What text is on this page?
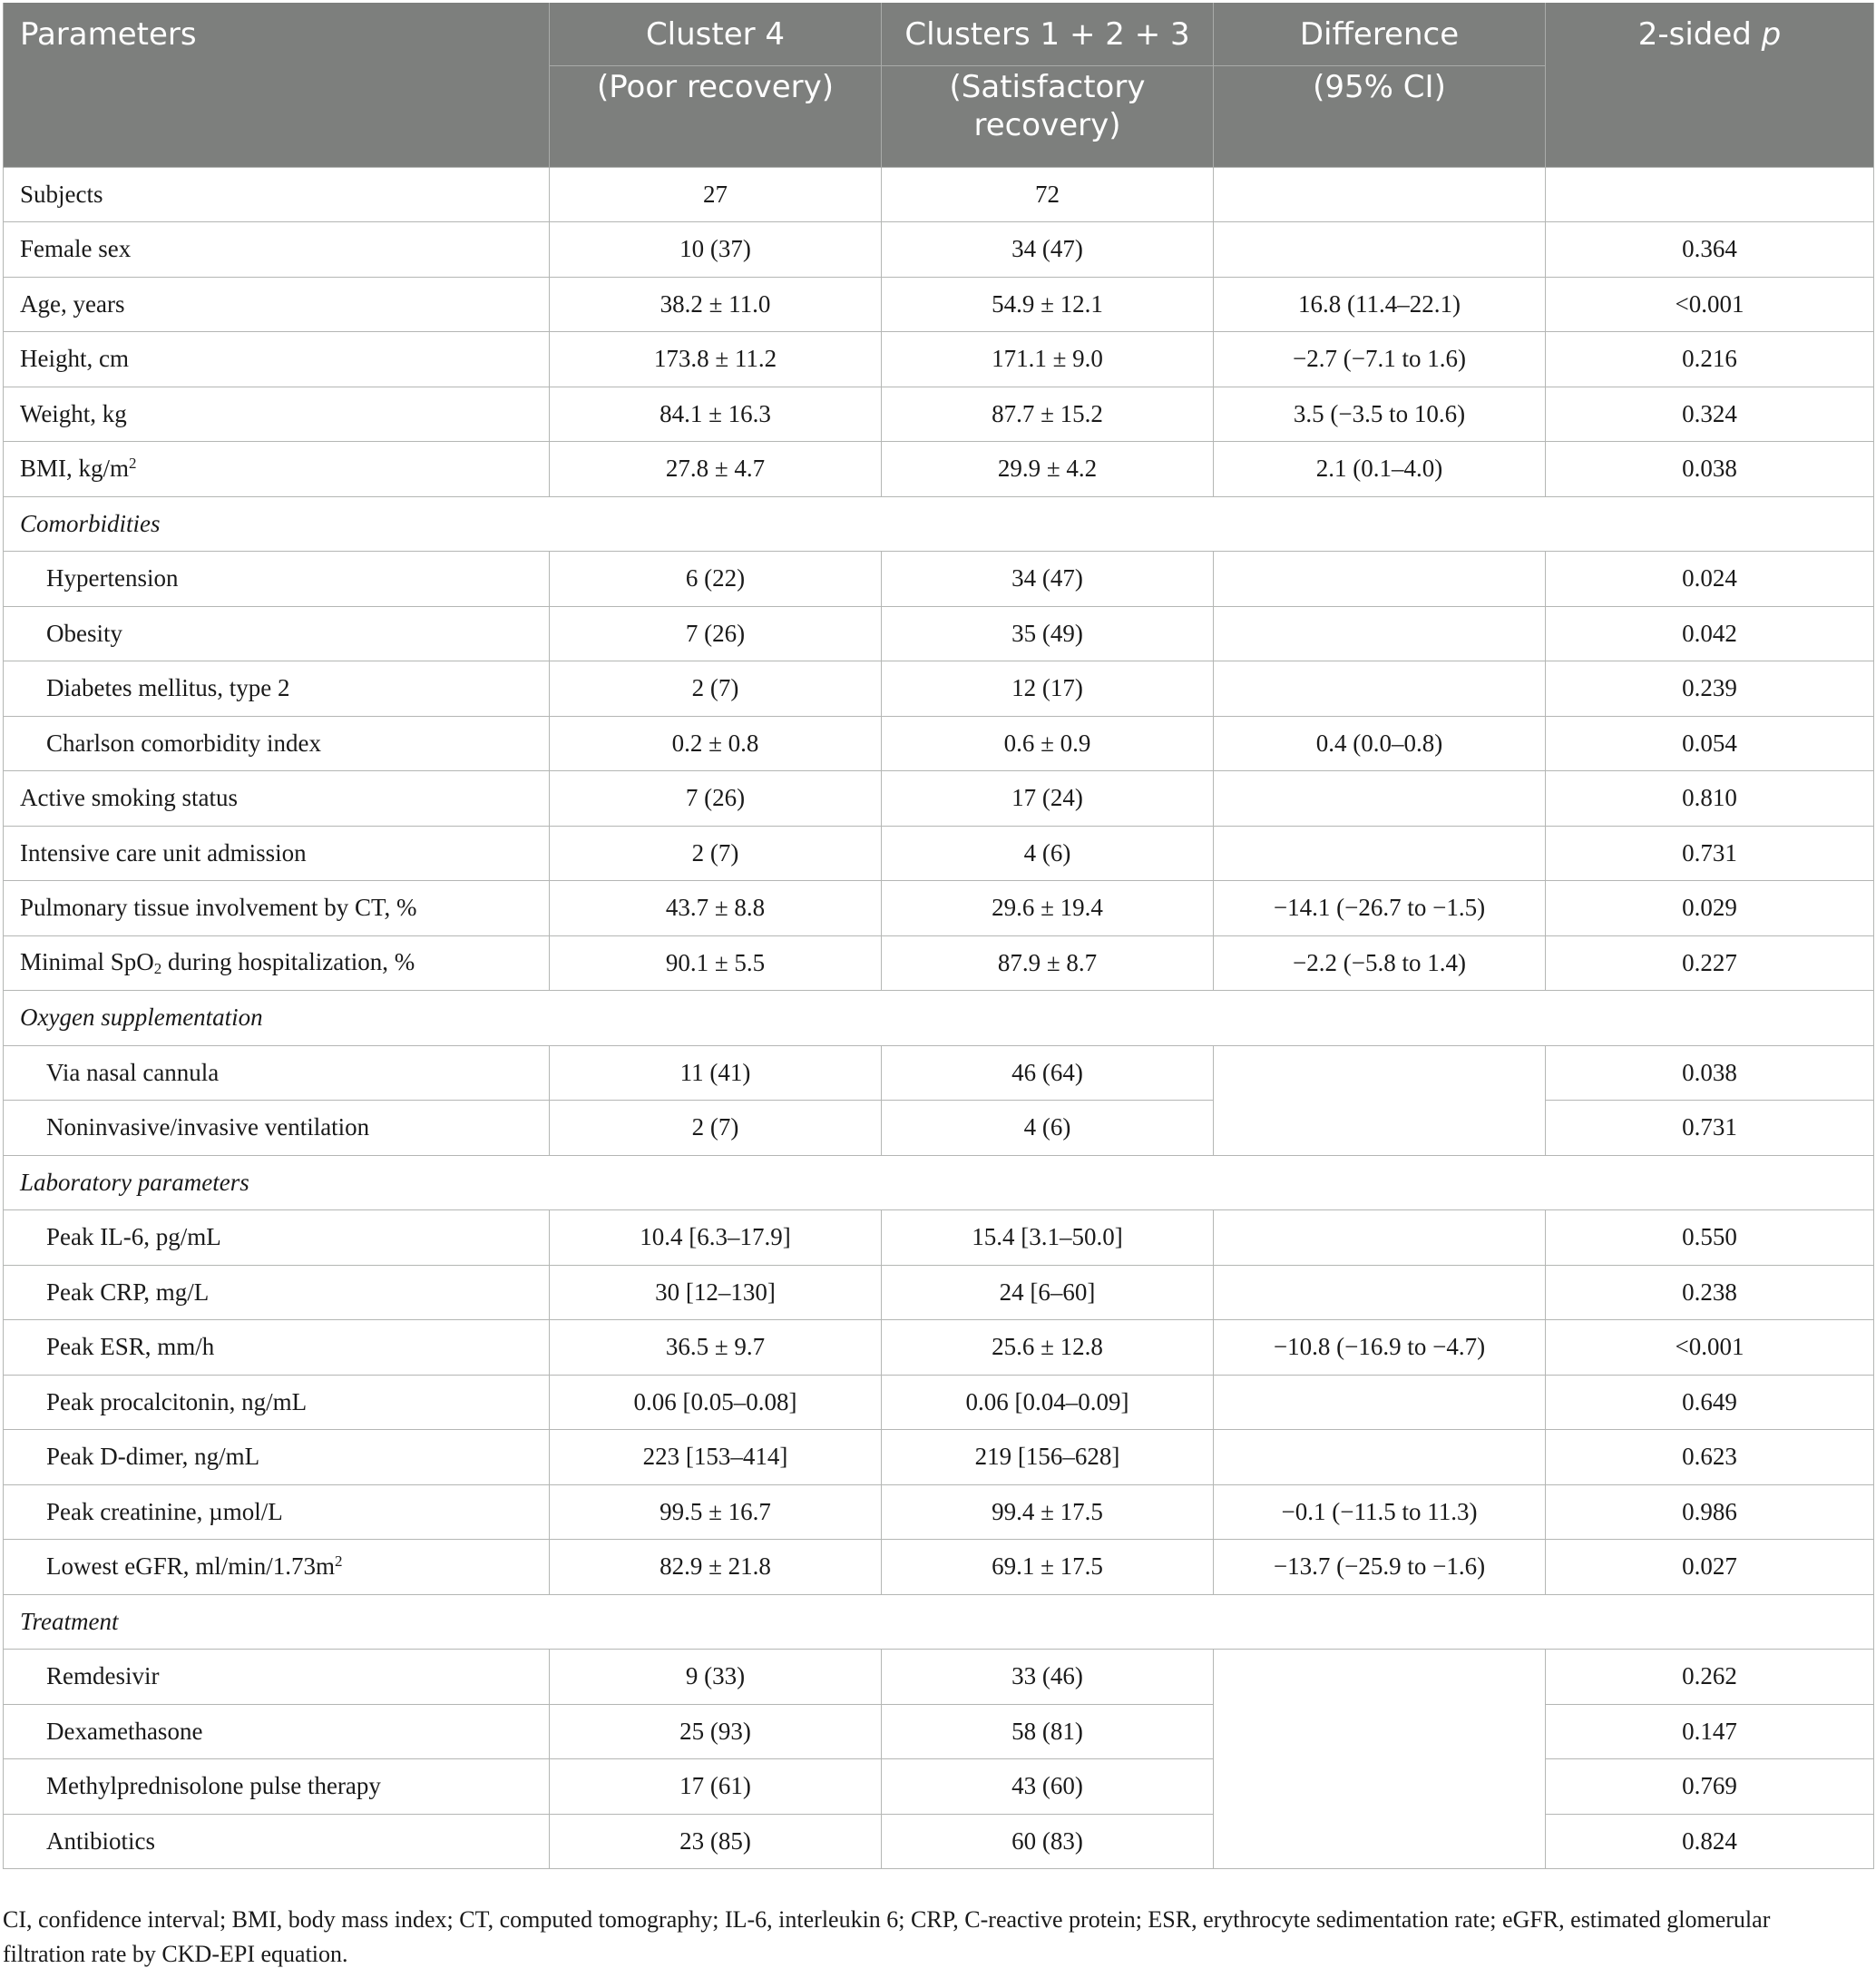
Parameters	Cluster 4	Clusters 1 + 2 + 3	Difference	2-sided p

	(Poor recovery)	(Satisfactory recovery)	(95% CI)	

Subjects	27	72		
Female sex	10 (37)	34 (47)		0.364
Age, years	38.2 ± 11.0	54.9 ± 12.1	16.8 (11.4–22.1)	<0.001
Height, cm	173.8 ± 11.2	171.1 ± 9.0	−2.7 (−7.1 to 1.6)	0.216
Weight, kg	84.1 ± 16.3	87.7 ± 15.2	3.5 (−3.5 to 10.6)	0.324
BMI, $kg/m^2$	27.8 ± 4.7	29.9 ± 4.2	2.1 (0.1–4.0)	0.038
Comorbidities				
Hypertension	6 (22)	34 (47)		0.024
Obesity	7 (26)	35 (49)		0.042
Diabetes mellitus, type 2	2 (7)	12 (17)		0.239
Charlson comorbidity index	0.2 ± 0.8	0.6 ± 0.9	0.4 (0.0–0.8)	0.054
Active smoking status	7 (26)	17 (24)		0.810
Intensive care unit admission	2 (7)	4 (6)		0.731
Pulmonary tissue involvement by CT, %	43.7 ± 8.8	29.6 ± 19.4	−14.1 (−26.7 to −1.5)	0.029
Minimal SpO$_2$ during hospitalization, %	90.1 ± 5.5	87.9 ± 8.7	−2.2 (−5.8 to 1.4)	0.227
Oxygen supplementation				
Via nasal cannula	11 (41)	46 (64)		0.038
Noninvasive/invasive ventilation	2 (7)	4 (6)		0.731
Laboratory parameters				
Peak IL-6, pg/mL	10.4 [6.3–17.9]	15.4 [3.1–50.0]		0.550
Peak CRP, mg/L	30 [12–130]	24 [6–60]		0.238
Peak ESR, mm/h	36.5 ± 9.7	25.6 ± 12.8	−10.8 (−16.9 to −4.7)	<0.001
Peak procalcitonin, ng/mL	0.06 [0.05–0.08]	0.06 [0.04–0.09]		0.649
Peak D-dimer, ng/mL	223 [153–414]	219 [156–628]		0.623
Peak creatinine, µmol/L	99.5 ± 16.7	99.4 ± 17.5	−0.1 (−11.5 to 11.3)	0.986
Lowest eGFR, $ml/\min/1.73m^2$	82.9 ± 21.8	69.1 ± 17.5	−13.7 (−25.9 to −1.6)	0.027
Treatment				
Remdesivir	9 (33)	33 (46)		0.262
Dexamethasone	25 (93)	58 (81)		0.147
Methylprednisolone pulse therapy	17 (61)	43 (60)		0.769
Antibiotics	23 (85)	60 (83)		0.824
CI, confidence interval; BMI, body mass index; CT, computed tomography; IL-6, interleukin 6; CRP, C-reactive protein; ESR, erythrocyte sedimentation rate; eGFR, estimated glomerular filtration rate by CKD-EPI equation.
